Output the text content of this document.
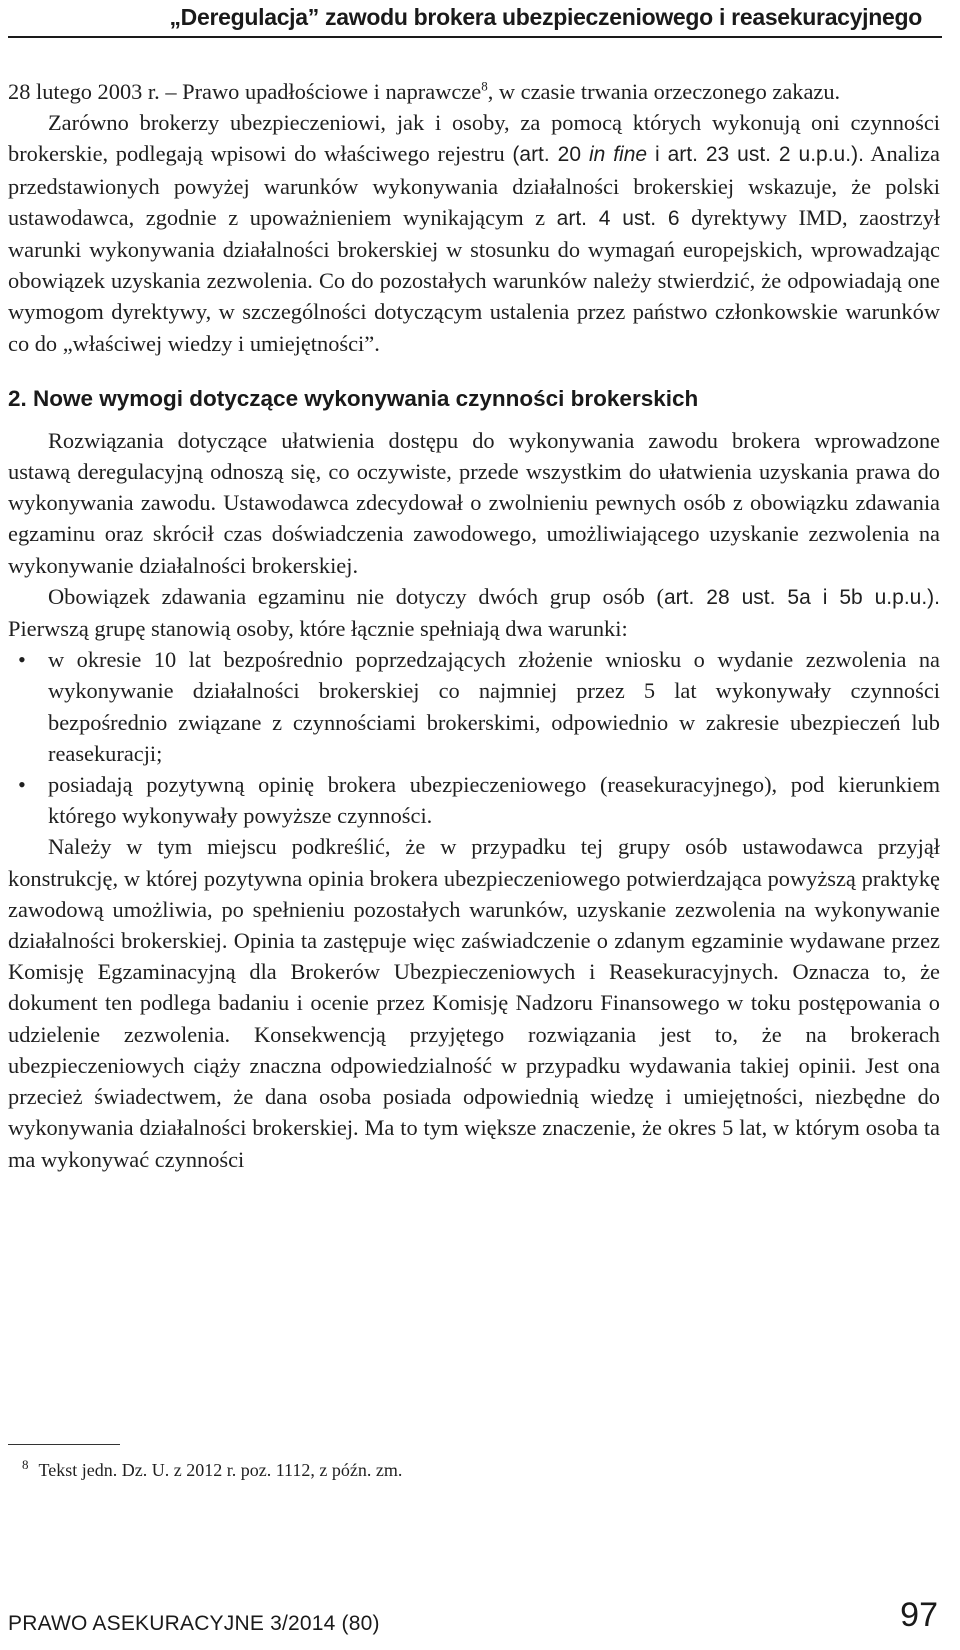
„Deregulacja” zawodu brokera ubezpieczeniowego i reasekuracyjnego

28 lutego 2003 r. – Prawo upadłościowe i naprawcze$^8$, w czasie trwania orzeczonego zakazu.

Zarówno brokerzy ubezpieczeniowi, jak i osoby, za pomocą których wykonują oni czynności brokerskie, podlegają wpisowi do właściwego rejestru (art. 20 in fine i art. 23 ust. 2 u.p.u.). Analiza przedstawionych powyżej warunków wykonywania działalności brokerskiej wskazuje, że polski ustawodawca, zgodnie z upoważnieniem wynikającym z art. 4 ust. 6 dyrektywy IMD, zaostrzył warunki wykonywania działalności brokerskiej w stosunku do wymagań europejskich, wprowadzając obowiązek uzyskania zezwolenia. Co do pozostałych warunków należy stwierdzić, że odpowiadają one wymogom dyrektywy, w szczególności dotyczącym ustalenia przez państwo członkowskie warunków co do „właściwej wiedzy i umiejętności”.

2. Nowe wymogi dotyczące wykonywania czynności brokerskich

Rozwiązania dotyczące ułatwienia dostępu do wykonywania zawodu brokera wprowadzone ustawą deregulacyjną odnoszą się, co oczywiste, przede wszystkim do ułatwienia uzyskania prawa do wykonywania zawodu. Ustawodawca zdecydował o zwolnieniu pewnych osób z obowiązku zdawania egzaminu oraz skrócił czas doświadczenia zawodowego, umożliwiającego uzyskanie zezwolenia na wykonywanie działalności brokerskiej.

Obowiązek zdawania egzaminu nie dotyczy dwóch grup osób (art. 28 ust. 5a i 5b u.p.u.). Pierwszą grupę stanowią osoby, które łącznie spełniają dwa warunki:

• w okresie 10 lat bezpośrednio poprzedzających złożenie wniosku o wydanie zezwolenia na wykonywanie działalności brokerskiej co najmniej przez 5 lat wykonywały czynności bezpośrednio związane z czynnościami brokerskimi, odpowiednio w zakresie ubezpieczeń lub reasekuracji;
• posiadają pozytywną opinię brokera ubezpieczeniowego (reasekuracyjnego), pod kierunkiem którego wykonywały powyższe czynności.

Należy w tym miejscu podkreślić, że w przypadku tej grupy osób ustawodawca przyjął konstrukcję, w której pozytywna opinia brokera ubezpieczeniowego potwierdzająca powyższą praktykę zawodową umożliwia, po spełnieniu pozostałych warunków, uzyskanie zezwolenia na wykonywanie działalności brokerskiej. Opinia ta zastępuje więc zaświadczenie o zdanym egzaminie wydawane przez Komisję Egzaminacyjną dla Brokerów Ubezpieczeniowych i Reasekuracyjnych. Oznacza to, że dokument ten podlega badaniu i ocenie przez Komisję Nadzoru Finansowego w toku postępowania o udzielenie zezwolenia. Konsekwencją przyjętego rozwiązania jest to, że na brokerach ubezpieczeniowych ciąży znaczna odpowiedzialność w przypadku wydawania takiej opinii. Jest ona przecież świadectwem, że dana osoba posiada odpowiednią wiedzę i umiejętności, niezbędne do wykonywania działalności brokerskiej. Ma to tym większe znaczenie, że okres 5 lat, w którym osoba ta ma wykonywać czynności

$^8$ Tekst jedn. Dz. U. z 2012 r. poz. 1112, z późn. zm.
PRAWO ASEKURACYJNE 3/2014 (80)	97
